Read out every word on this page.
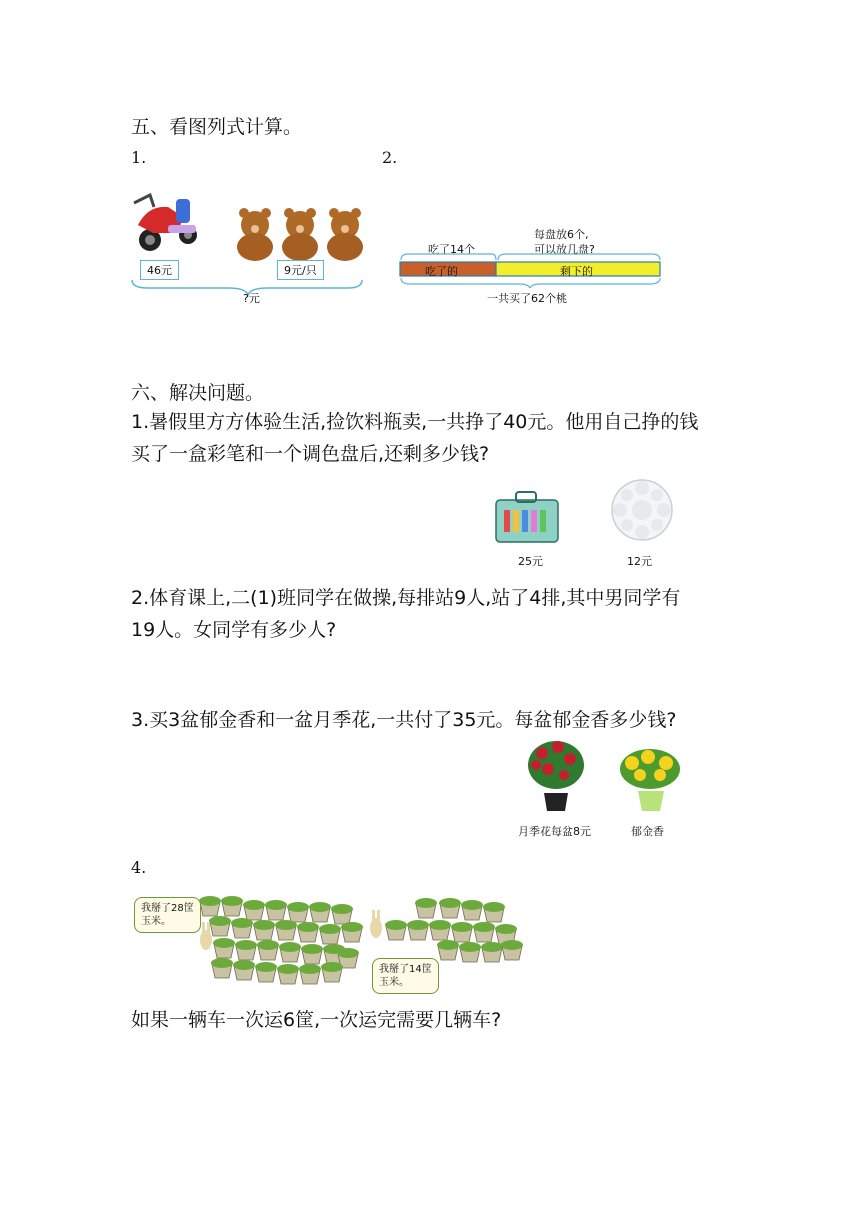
五、看图列式计算。
1.	2.
46元	9元/只
?元
每盘放6个,
可以放几盘?
吃了14个
吃了的	剩下的
一共买了62个桃
六、解决问题。
1.暑假里方方体验生活,捡饮料瓶卖,一共挣了40元。他用自己挣的钱
买了一盒彩笔和一个调色盘后,还剩多少钱?
25元	12元
2.体育课上,二(1)班同学在做操,每排站9人,站了4排,其中男同学有
19人。女同学有多少人?
3.买3盆郁金香和一盆月季花,一共付了35元。每盆郁金香多少钱?
月季花每盆8元	郁金香
4.
我掰了28筐
玉米。
我掰了14筐
玉米。
如果一辆车一次运6筐,一次运完需要几辆车?
